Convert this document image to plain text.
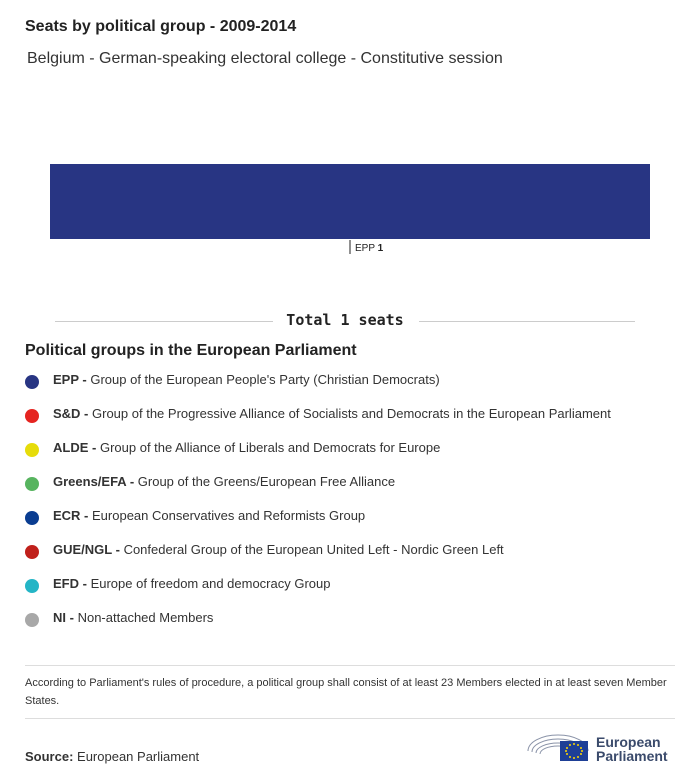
Seats by political group - 2009-2014
Belgium - German-speaking electoral college - Constitutive session
EPP 1
Total 1 seats
Political groups in the European Parliament
EPP - Group of the European People's Party (Christian Democrats)
S&D - Group of the Progressive Alliance of Socialists and Democrats in the European Parliament
ALDE - Group of the Alliance of Liberals and Democrats for Europe
Greens/EFA - Group of the Greens/European Free Alliance
ECR - European Conservatives and Reformists Group
GUE/NGL - Confederal Group of the European United Left - Nordic Green Left
EFD - Europe of freedom and democracy Group
NI - Non-attached Members
According to Parliament's rules of procedure, a political group shall consist of at least 23 Members elected in at least seven Member States.
Source: European Parliament
European
Parliament
